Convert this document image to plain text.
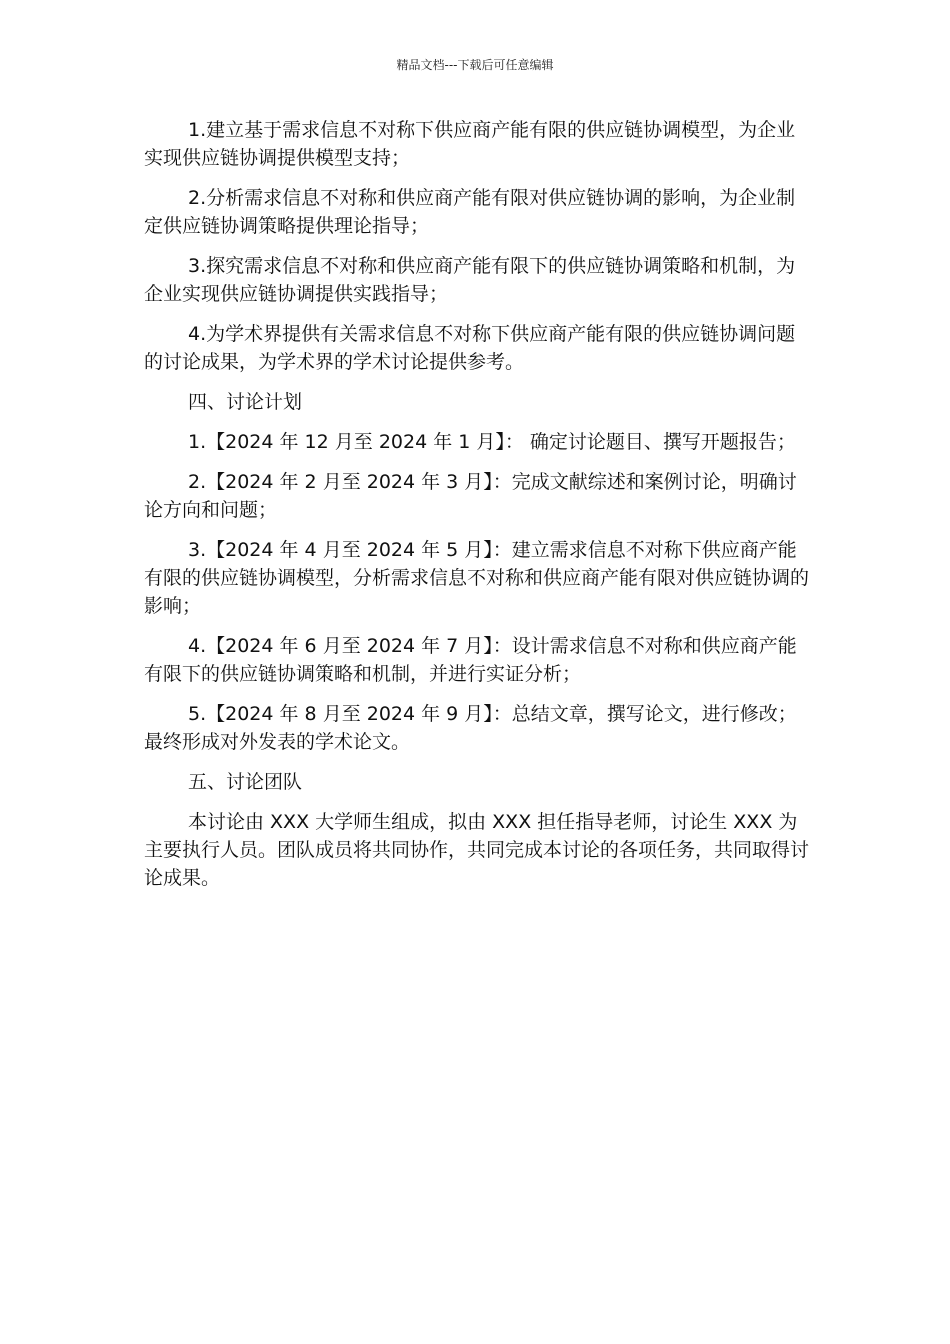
精品文档---下载后可任意编辑

1.建立基于需求信息不对称下供应商产能有限的供应链协调模型，为企业实现供应链协调提供模型支持；

2.分析需求信息不对称和供应商产能有限对供应链协调的影响，为企业制定供应链协调策略提供理论指导；

3.探究需求信息不对称和供应商产能有限下的供应链协调策略和机制，为企业实现供应链协调提供实践指导；

4.为学术界提供有关需求信息不对称下供应商产能有限的供应链协调问题的讨论成果，为学术界的学术讨论提供参考。

四、讨论计划

1.【2024 年 12 月至 2024 年 1 月】： 确定讨论题目、撰写开题报告；

2.【2024 年 2 月至 2024 年 3 月】：完成文献综述和案例讨论，明确讨论方向和问题；

3.【2024 年 4 月至 2024 年 5 月】：建立需求信息不对称下供应商产能有限的供应链协调模型，分析需求信息不对称和供应商产能有限对供应链协调的影响；

4.【2024 年 6 月至 2024 年 7 月】：设计需求信息不对称和供应商产能有限下的供应链协调策略和机制，并进行实证分析；

5.【2024 年 8 月至 2024 年 9 月】：总结文章，撰写论文，进行修改；最终形成对外发表的学术论文。

五、讨论团队

本讨论由 XXX 大学师生组成，拟由 XXX 担任指导老师，讨论生 XXX 为主要执行人员。团队成员将共同协作，共同完成本讨论的各项任务，共同取得讨论成果。
